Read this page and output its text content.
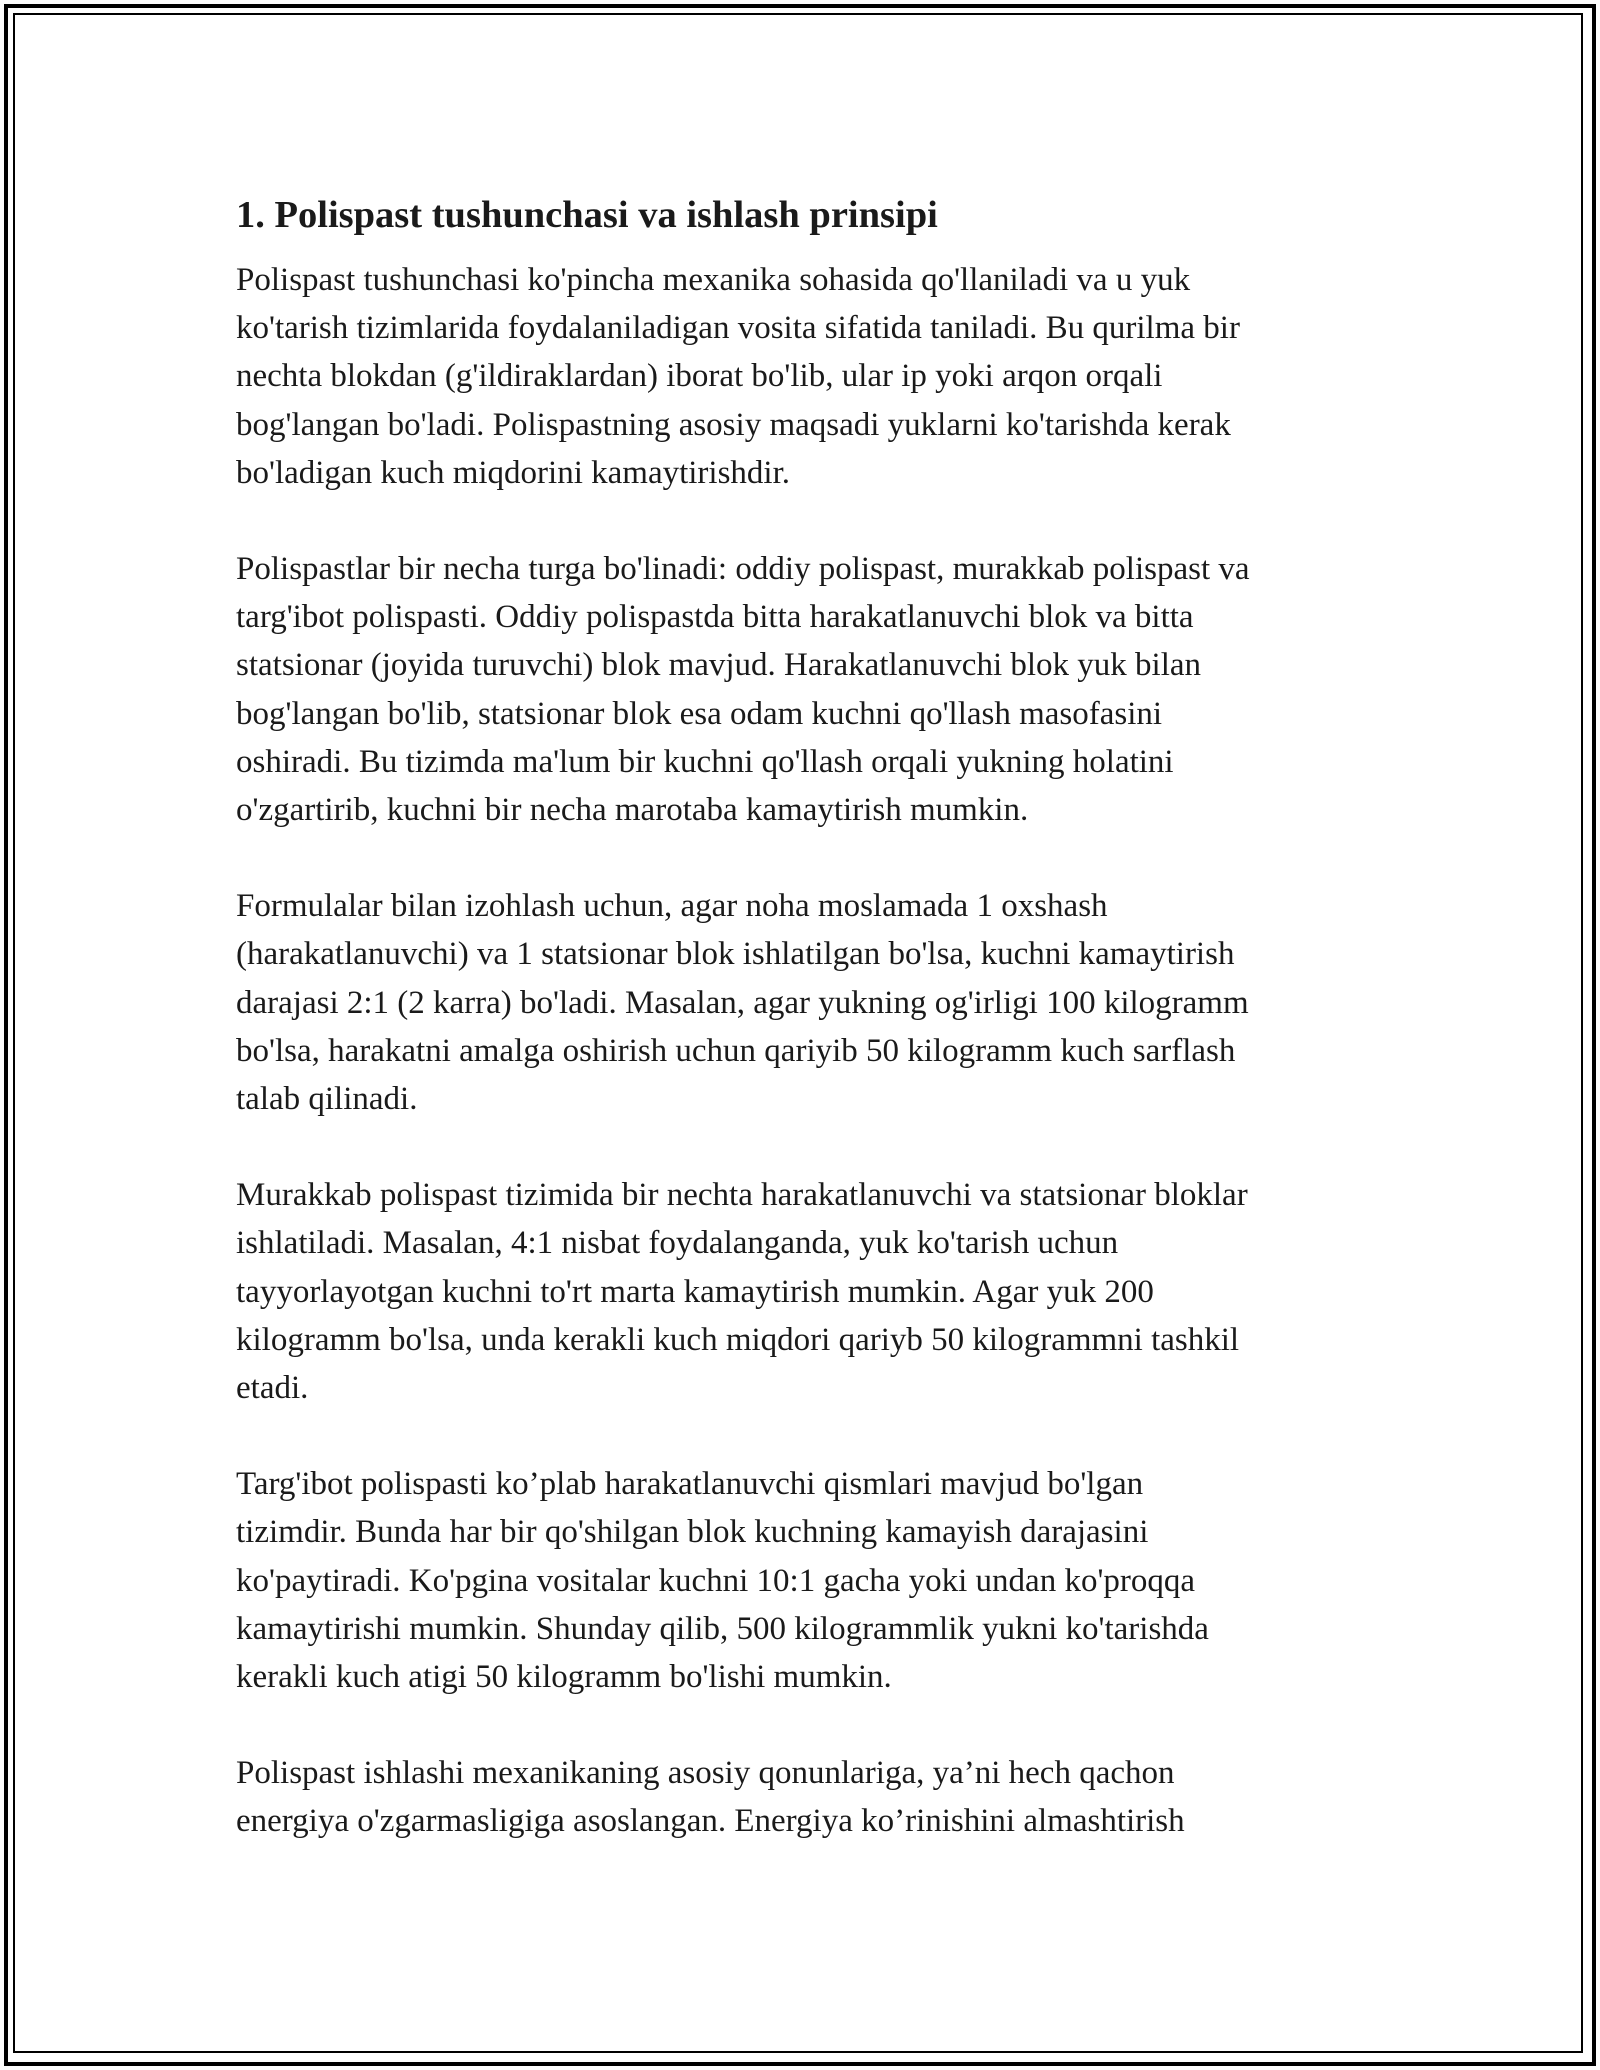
1. Polispast tushunchasi va ishlash prinsipi

Polispast tushunchasi ko'pincha mexanika sohasida qo'llaniladi va u yuk
ko'tarish tizimlarida foydalaniladigan vosita sifatida taniladi. Bu qurilma bir
nechta blokdan (g'ildiraklardan) iborat bo'lib, ular ip yoki arqon orqali
bog'langan bo'ladi. Polispastning asosiy maqsadi yuklarni ko'tarishda kerak
bo'ladigan kuch miqdorini kamaytirishdir.

Polispastlar bir necha turga bo'linadi: oddiy polispast, murakkab polispast va
targ'ibot polispasti. Oddiy polispastda bitta harakatlanuvchi blok va bitta
statsionar (joyida turuvchi) blok mavjud. Harakatlanuvchi blok yuk bilan
bog'langan bo'lib, statsionar blok esa odam kuchni qo'llash masofasini
oshiradi. Bu tizimda ma'lum bir kuchni qo'llash orqali yukning holatini
o'zgartirib, kuchni bir necha marotaba kamaytirish mumkin.

Formulalar bilan izohlash uchun, agar noha moslamada 1 oxshash
(harakatlanuvchi) va 1 statsionar blok ishlatilgan bo'lsa, kuchni kamaytirish
darajasi 2:1 (2 karra) bo'ladi. Masalan, agar yukning og'irligi 100 kilogramm
bo'lsa, harakatni amalga oshirish uchun qariyib 50 kilogramm kuch sarflash
talab qilinadi.

Murakkab polispast tizimida bir nechta harakatlanuvchi va statsionar bloklar
ishlatiladi. Masalan, 4:1 nisbat foydalanganda, yuk ko'tarish uchun
tayyorlayotgan kuchni to'rt marta kamaytirish mumkin. Agar yuk 200
kilogramm bo'lsa, unda kerakli kuch miqdori qariyb 50 kilogrammni tashkil
etadi.

Targ'ibot polispasti ko’plab harakatlanuvchi qismlari mavjud bo'lgan
tizimdir. Bunda har bir qo'shilgan blok kuchning kamayish darajasini
ko'paytiradi. Ko'pgina vositalar kuchni 10:1 gacha yoki undan ko'proqqa
kamaytirishi mumkin. Shunday qilib, 500 kilogrammlik yukni ko'tarishda
kerakli kuch atigi 50 kilogramm bo'lishi mumkin.

Polispast ishlashi mexanikaning asosiy qonunlariga, ya’ni hech qachon
energiya o'zgarmasligiga asoslangan. Energiya ko’rinishini almashtirish
